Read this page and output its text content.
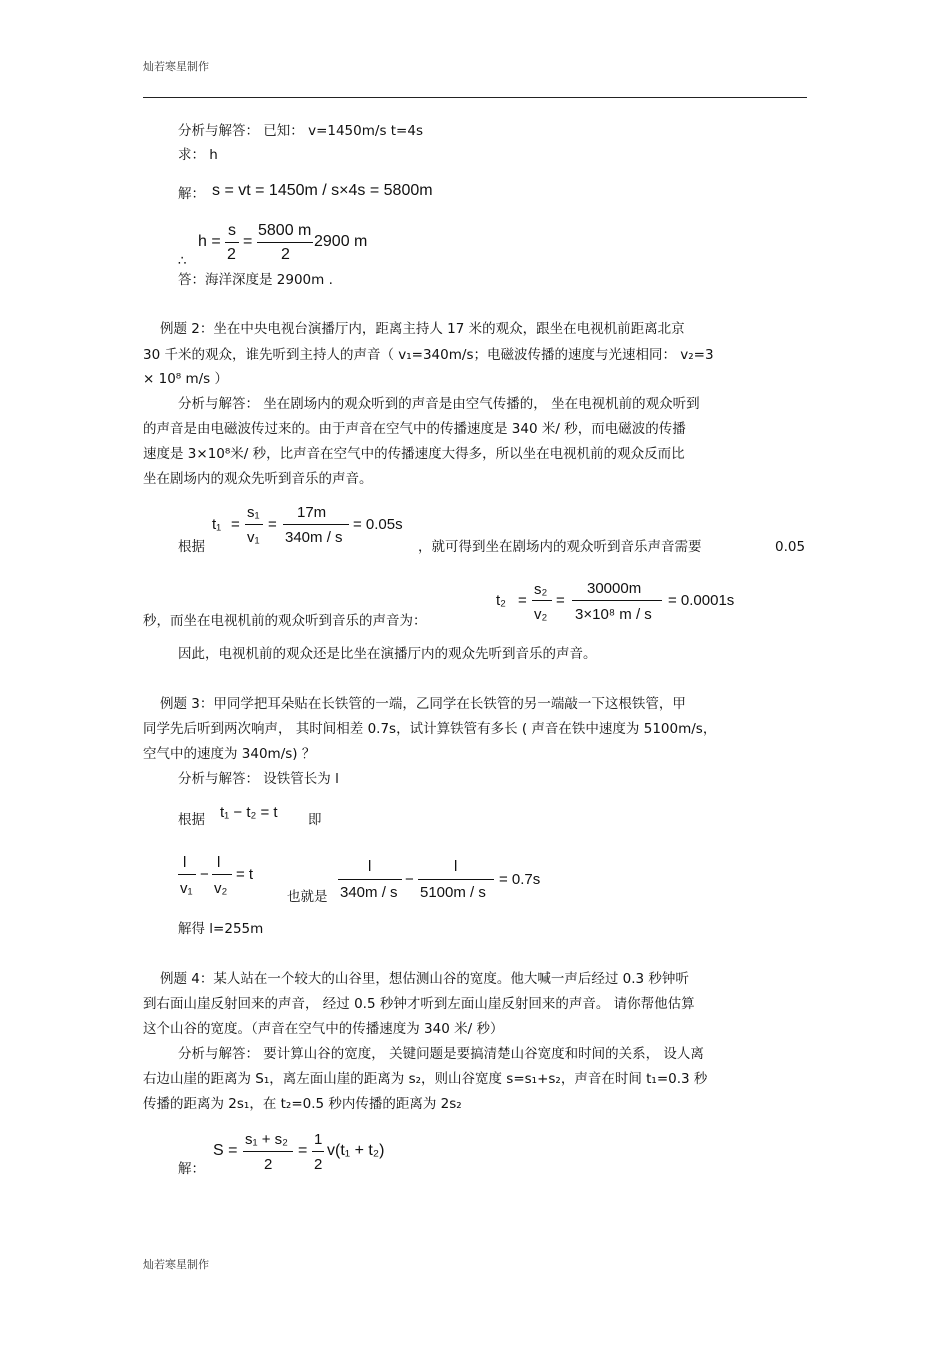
灿若寒星制作
分析与解答： 已知： v=1450m/s t=4s
求： h
解： s = vt = 1450m / s×4s = 5800m
h =
s
2
=
5800 m
2
2900 m
∴
答：海洋深度是 2900m .
例题 2：坐在中央电视台演播厅内，距离主持人 17 米的观众，跟坐在电视机前距离北京
30 千米的观众，谁先听到主持人的声音（ v₁=340m/s；电磁波传播的速度与光速相同： v₂=3
× 10⁸ m/s ）
分析与解答： 坐在剧场内的观众听到的声音是由空气传播的， 坐在电视机前的观众听到
的声音是由电磁波传过来的。由于声音在空气中的传播速度是 340 米/ 秒，而电磁波的传播
速度是 3×10⁸米/ 秒，比声音在空气中的传播速度大得多，所以坐在电视机前的观众反而比
坐在剧场内的观众先听到音乐的声音。
t₁ =
s₁
v₁
=
17m
340m / s
= 0.05s
根据	，就可得到坐在剧场内的观众听到音乐声音需要	0.05
t₂ =
s₂
v₂
=
30000m
3×10⁸ m / s
= 0.0001s
秒，而坐在电视机前的观众听到音乐的声音为：
因此，电视机前的观众还是比坐在演播厅内的观众先听到音乐的声音。
例题 3：甲同学把耳朵贴在长铁管的一端，乙同学在长铁管的另一端敲一下这根铁管，甲
同学先后听到两次响声， 其时间相差 0.7s，试计算铁管有多长 ( 声音在铁中速度为 5100m/s，
空气中的速度为 340m/s) ？
分析与解答： 设铁管长为 l
根据 t₁ − t₂ = t 即
l
v₁
−
l
v₂
= t
也就是
l
340m / s
−
l
5100m / s
= 0.7s
解得 l=255m
例题 4：某人站在一个较大的山谷里，想估测山谷的宽度。他大喊一声后经过 0.3 秒钟听
到右面山崖反射回来的声音， 经过 0.5 秒钟才听到左面山崖反射回来的声音。 请你帮他估算
这个山谷的宽度。（声音在空气中的传播速度为 340 米/ 秒）
分析与解答： 要计算山谷的宽度， 关键问题是要搞清楚山谷宽度和时间的关系， 设人离
右边山崖的距离为 S₁，离左面山崖的距离为 s₂，则山谷宽度 s=s₁+s₂，声音在时间 t₁=0.3 秒
传播的距离为 2s₁，在 t₂=0.5 秒内传播的距离为 2s₂
S =
s₁ + s₂
2
=
1
2
v(t₁ + t₂)
解：
灿若寒星制作
